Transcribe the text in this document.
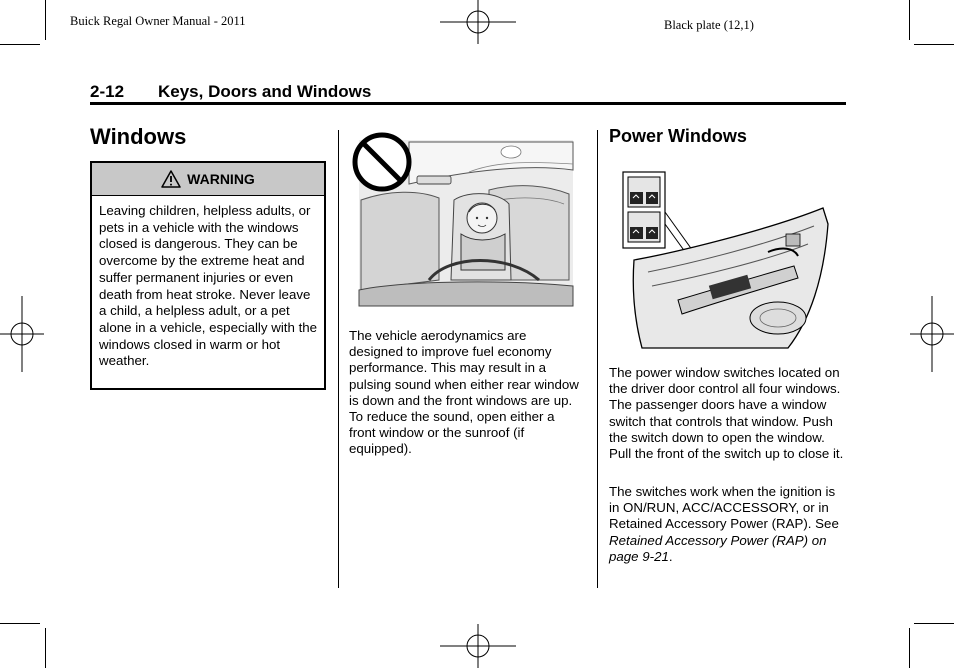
Buick Regal Owner Manual - 2011	Black plate (12,1)
2-12 Keys, Doors and Windows
Windows
WARNING
Leaving children, helpless adults, or pets in a vehicle with the windows closed is dangerous. They can be overcome by the extreme heat and suffer permanent injuries or even death from heat stroke. Never leave a child, a helpless adult, or a pet alone in a vehicle, especially with the windows closed in warm or hot weather.
The vehicle aerodynamics are designed to improve fuel economy performance. This may result in a pulsing sound when either rear window is down and the front windows are up. To reduce the sound, open either a front window or the sunroof (if equipped).
Power Windows
The power window switches located on the driver door control all four windows. The passenger doors have a window switch that controls that window. Push the switch down to open the window. Pull the front of the switch up to close it.
The switches work when the ignition is in ON/RUN, ACC/ACCESSORY, or in Retained Accessory Power (RAP). See Retained Accessory Power (RAP) on page 9-21.
